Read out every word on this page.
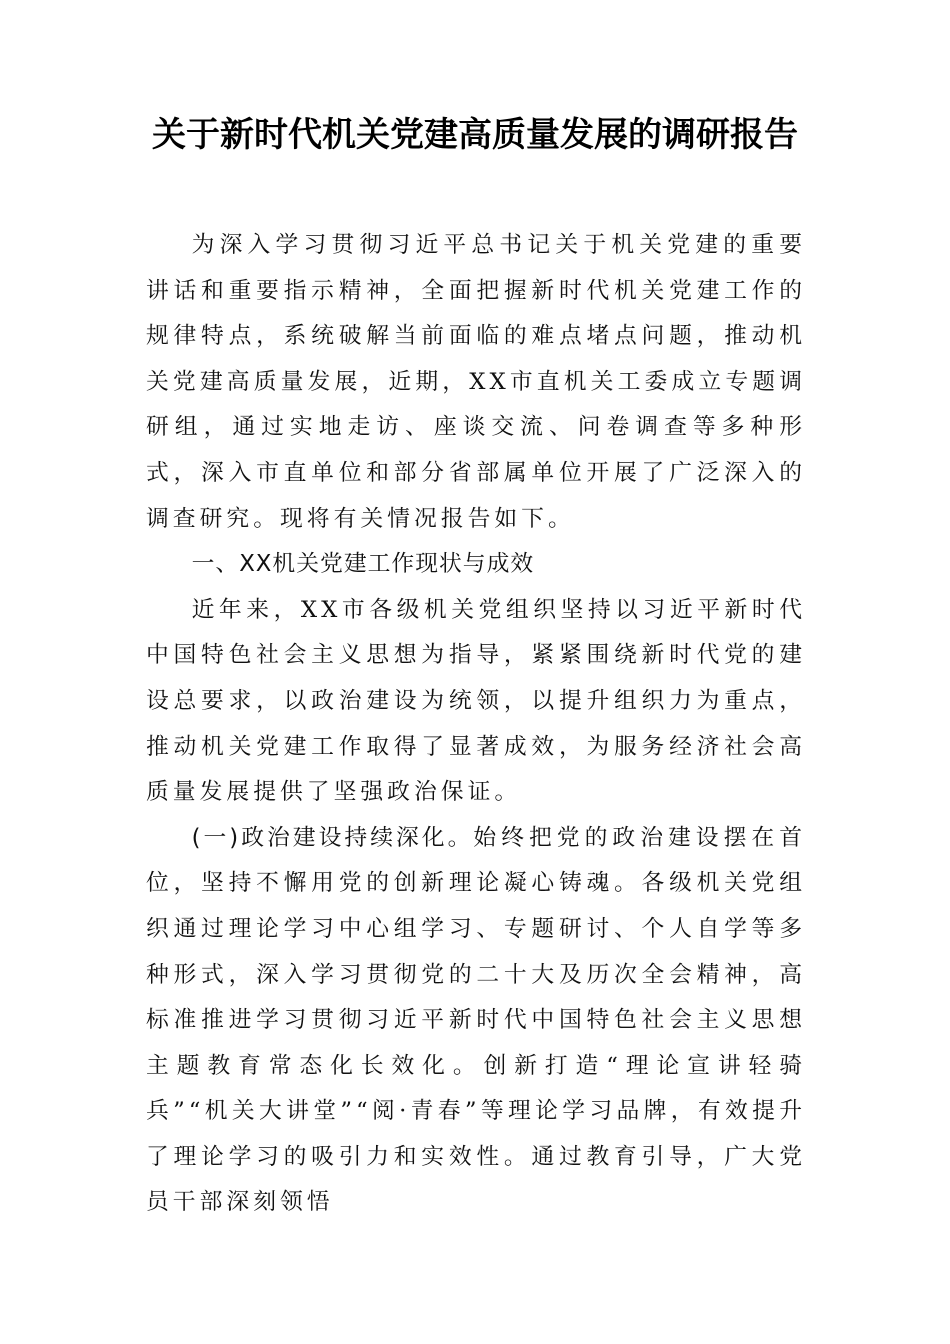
关于新时代机关党建高质量发展的调研报告

为深入学习贯彻习近平总书记关于机关党建的重要讲话和重要指示精神，全面把握新时代机关党建工作的规律特点，系统破解当前面临的难点堵点问题，推动机关党建高质量发展，近期，XX市直机关工委成立专题调研组，通过实地走访、座谈交流、问卷调查等多种形式，深入市直单位和部分省部属单位开展了广泛深入的调查研究。现将有关情况报告如下。

一、XX机关党建工作现状与成效

近年来，XX市各级机关党组织坚持以习近平新时代中国特色社会主义思想为指导，紧紧围绕新时代党的建设总要求，以政治建设为统领，以提升组织力为重点，推动机关党建工作取得了显著成效，为服务经济社会高质量发展提供了坚强政治保证。

(一)政治建设持续深化。始终把党的政治建设摆在首位，坚持不懈用党的创新理论凝心铸魂。各级机关党组织通过理论学习中心组学习、专题研讨、个人自学等多种形式，深入学习贯彻党的二十大及历次全会精神，高标准推进学习贯彻习近平新时代中国特色社会主义思想主题教育常态化长效化。创新打造“理论宣讲轻骑兵”“机关大讲堂”“阅·青春”等理论学习品牌，有效提升了理论学习的吸引力和实效性。通过教育引导，广大党员干部深刻领悟
